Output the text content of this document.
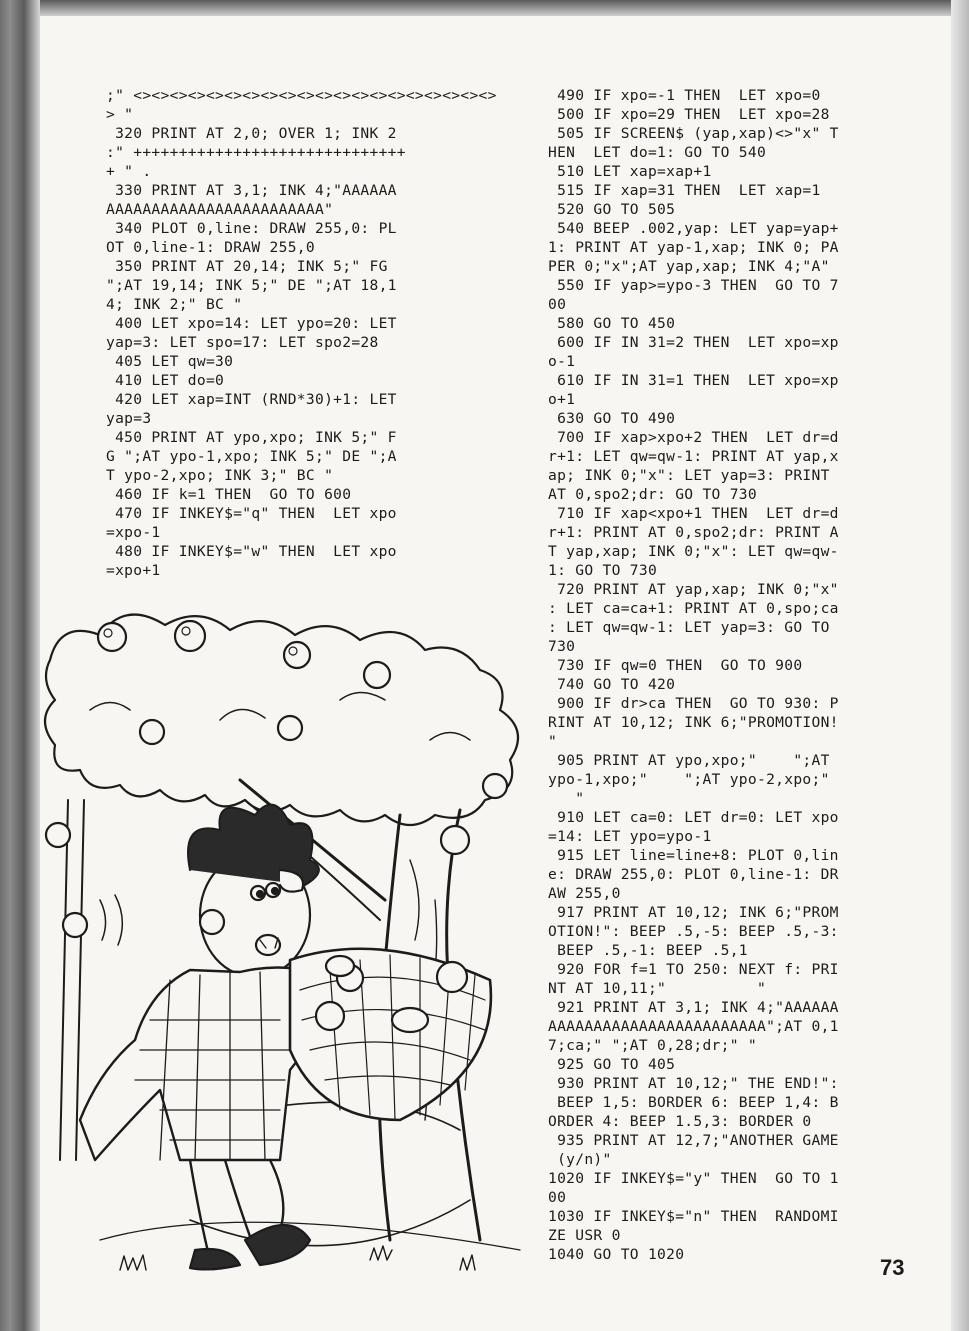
;" <><><><><><><><><><><><><><><><><><><><>
> "
320 PRINT AT 2,0; OVER 1; INK 2
:" ++++++++++++++++++++++++++++++
+ " .
330 PRINT AT 3,1; INK 4;"AAAAAA
AAAAAAAAAAAAAAAAAAAAAAAA"
340 PLOT 0,line: DRAW 255,0: PL
OT 0,line-1: DRAW 255,0
350 PRINT AT 20,14; INK 5;" FG
";AT 19,14; INK 5;" DE ";AT 18,1
4; INK 2;" BC "
400 LET xpo=14: LET ypo=20: LET
yap=3: LET spo=17: LET spo2=28
405 LET qw=30
410 LET do=0
420 LET xap=INT (RND*30)+1: LET
yap=3
450 PRINT AT ypo,xpo; INK 5;" F
G ";AT ypo-1,xpo; INK 5;" DE ";A
T ypo-2,xpo; INK 3;" BC "
460 IF k=1 THEN  GO TO 600
470 IF INKEY$="q" THEN  LET xpo
=xpo-1
480 IF INKEY$="w" THEN  LET xpo
=xpo+1
490 IF xpo=-1 THEN  LET xpo=0
500 IF xpo=29 THEN  LET xpo=28
505 IF SCREEN$ (yap,xap)<>"x" T
HEN  LET do=1: GO TO 540
510 LET xap=xap+1
515 IF xap=31 THEN  LET xap=1
520 GO TO 505
540 BEEP .002,yap: LET yap=yap+
1: PRINT AT yap-1,xap; INK 0; PA
PER 0;"x";AT yap,xap; INK 4;"A"
550 IF yap>=ypo-3 THEN  GO TO 7
00
580 GO TO 450
600 IF IN 31=2 THEN  LET xpo=xp
o-1
610 IF IN 31=1 THEN  LET xpo=xp
o+1
630 GO TO 490
700 IF xap>xpo+2 THEN  LET dr=d
r+1: LET qw=qw-1: PRINT AT yap,x
ap; INK 0;"x": LET yap=3: PRINT
AT 0,spo2;dr: GO TO 730
710 IF xap<xpo+1 THEN  LET dr=d
r+1: PRINT AT 0,spo2;dr: PRINT A
T yap,xap; INK 0;"x": LET qw=qw-
1: GO TO 730
720 PRINT AT yap,xap; INK 0;"x"
: LET ca=ca+1: PRINT AT 0,spo;ca
: LET qw=qw-1: LET yap=3: GO TO
730
730 IF qw=0 THEN  GO TO 900
740 GO TO 420
900 IF dr>ca THEN  GO TO 930: P
RINT AT 10,12; INK 6;"PROMOTION!
"
905 PRINT AT ypo,xpo;"    ";AT
ypo-1,xpo;"    ";AT ypo-2,xpo;"
"
910 LET ca=0: LET dr=0: LET xpo
=14: LET ypo=ypo-1
915 LET line=line+8: PLOT 0,lin
e: DRAW 255,0: PLOT 0,line-1: DR
AW 255,0
917 PRINT AT 10,12; INK 6;"PROM
OTION!": BEEP .5,-5: BEEP .5,-3:
BEEP .5,-1: BEEP .5,1
920 FOR f=1 TO 250: NEXT f: PRI
NT AT 10,11;"          "
921 PRINT AT 3,1; INK 4;"AAAAAA
AAAAAAAAAAAAAAAAAAAAAAAA";AT 0,1
7;ca;" ";AT 0,28;dr;" "
925 GO TO 405
930 PRINT AT 10,12;" THE END!":
BEEP 1,5: BORDER 6: BEEP 1,4: B
ORDER 4: BEEP 1.5,3: BORDER 0
935 PRINT AT 12,7;"ANOTHER GAME
(y/n)"
1020 IF INKEY$="y" THEN  GO TO 1
00
1030 IF INKEY$="n" THEN  RANDOMI
ZE USR 0
1040 GO TO 1020
73
